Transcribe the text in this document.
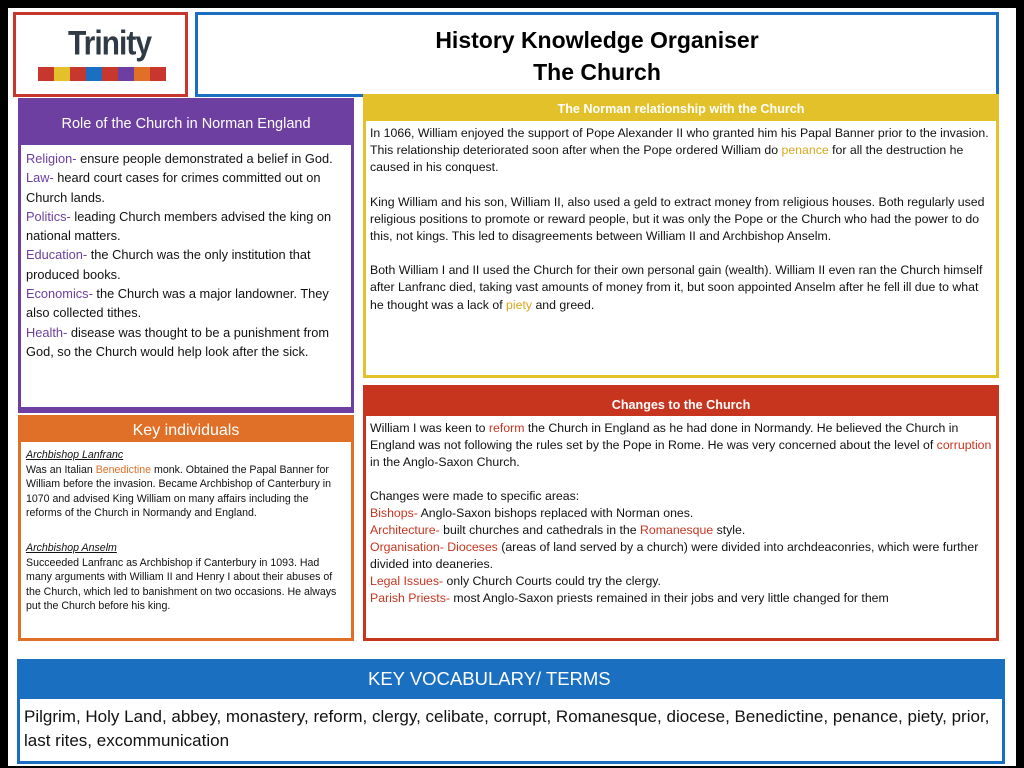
Trinity	History Knowledge Organiser
The Church
Role of the Church in Norman England
Religion- ensure people demonstrated a belief in God.
Law- heard court cases for crimes committed out on Church lands.
Politics- leading Church members advised the king on national matters.
Education- the Church was the only institution that produced books.
Economics- the Church was a major landowner. They also collected tithes.
Health- disease was thought to be a punishment from God, so the Church would help look after the sick.
Key individuals
Archbishop Lanfranc
Was an Italian Benedictine monk. Obtained the Papal Banner for William before the invasion. Became Archbishop of Canterbury in 1070 and advised King William on many affairs including the reforms of the Church in Normandy and England.
Archbishop Anselm
Succeeded Lanfranc as Archbishop if Canterbury in 1093. Had many arguments with William II and Henry I about their abuses of the Church, which led to banishment on two occasions. He always put the Church before his king.
The Norman relationship with the Church

In 1066, William enjoyed the support of Pope Alexander II who granted him his Papal Banner prior to the invasion. This relationship deteriorated soon after when the Pope ordered William do penance for all the destruction he caused in his conquest.

King William and his son, William II, also used a geld to extract money from religious houses. Both regularly used religious positions to promote or reward people, but it was only the Pope or the Church who had the power to do this, not kings. This led to disagreements between William II and Archbishop Anselm.

Both William I and II used the Church for their own personal gain (wealth). William II even ran the Church himself after Lanfranc died, taking vast amounts of money from it, but soon appointed Anselm after he fell ill due to what he thought was a lack of piety and greed.

Changes to the Church

William I was keen to reform the Church in England as he had done in Normandy. He believed the Church in England was not following the rules set by the Pope in Rome. He was very concerned about the level of corruption in the Anglo-Saxon Church.

Changes were made to specific areas:
Bishops- Anglo-Saxon bishops replaced with Norman ones.
Architecture- built churches and cathedrals in the Romanesque style.
Organisation- Dioceses (areas of land served by a church) were divided into archdeaconries, which were further divided into deaneries.
Legal Issues- only Church Courts could try the clergy.
Parish Priests- most Anglo-Saxon priests remained in their jobs and very little changed for them
KEY VOCABULARY/ TERMS
Pilgrim, Holy Land, abbey, monastery, reform, clergy, celibate, corrupt, Romanesque, diocese, Benedictine, penance, piety, prior, last rites, excommunication
